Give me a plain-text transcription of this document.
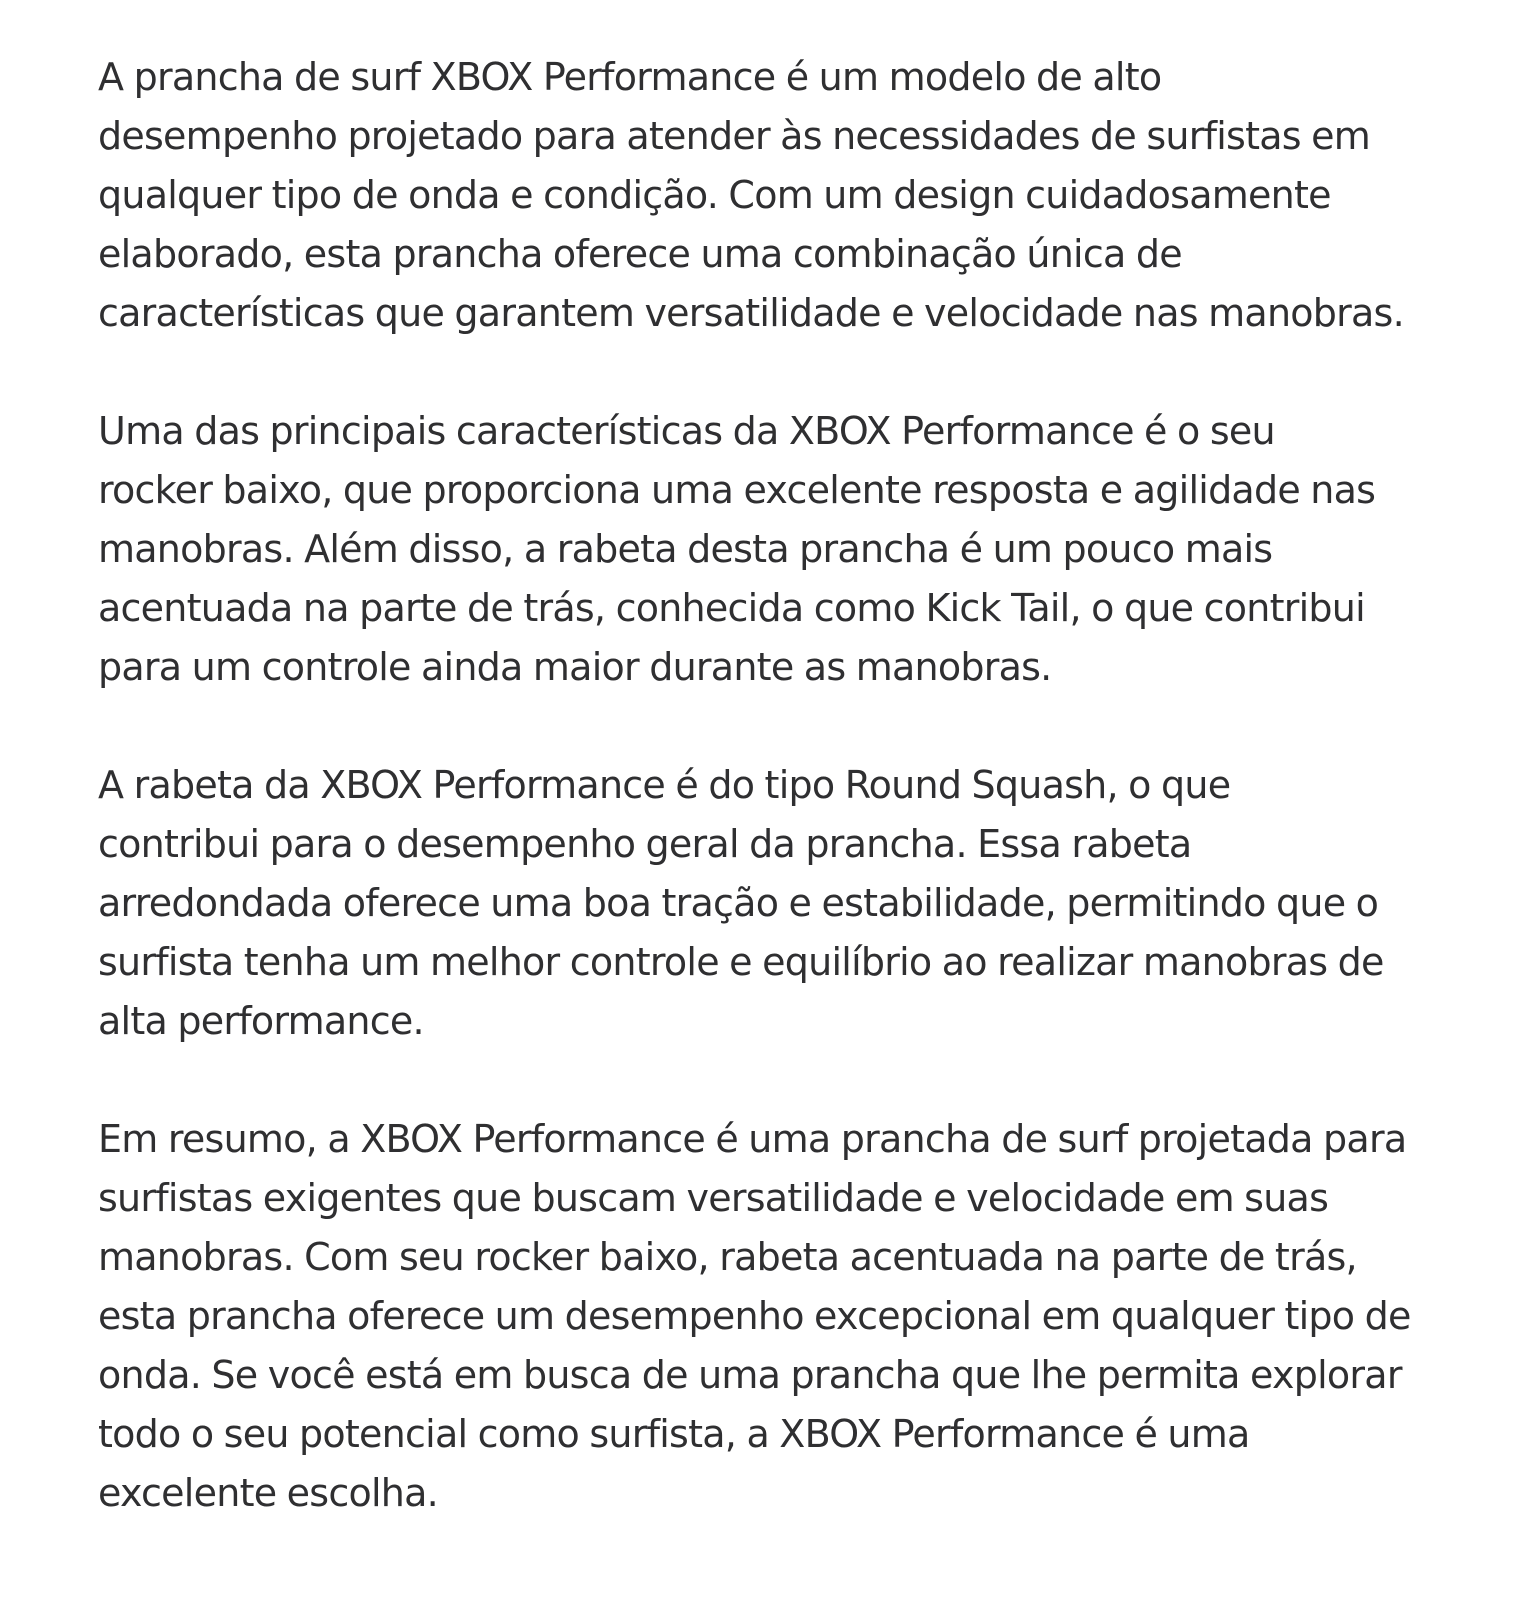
A prancha de surf XBOX Performance é um modelo de alto
desempenho projetado para atender às necessidades de surfistas em
qualquer tipo de onda e condição. Com um design cuidadosamente
elaborado, esta prancha oferece uma combinação única de
características que garantem versatilidade e velocidade nas manobras.

Uma das principais características da XBOX Performance é o seu
rocker baixo, que proporciona uma excelente resposta e agilidade nas
manobras. Além disso, a rabeta desta prancha é um pouco mais
acentuada na parte de trás, conhecida como Kick Tail, o que contribui
para um controle ainda maior durante as manobras.

A rabeta da XBOX Performance é do tipo Round Squash, o que
contribui para o desempenho geral da prancha. Essa rabeta
arredondada oferece uma boa tração e estabilidade, permitindo que o
surfista tenha um melhor controle e equilíbrio ao realizar manobras de
alta performance.

Em resumo, a XBOX Performance é uma prancha de surf projetada para
surfistas exigentes que buscam versatilidade e velocidade em suas
manobras. Com seu rocker baixo, rabeta acentuada na parte de trás,
esta prancha oferece um desempenho excepcional em qualquer tipo de
onda. Se você está em busca de uma prancha que lhe permita explorar
todo o seu potencial como surfista, a XBOX Performance é uma
excelente escolha.
